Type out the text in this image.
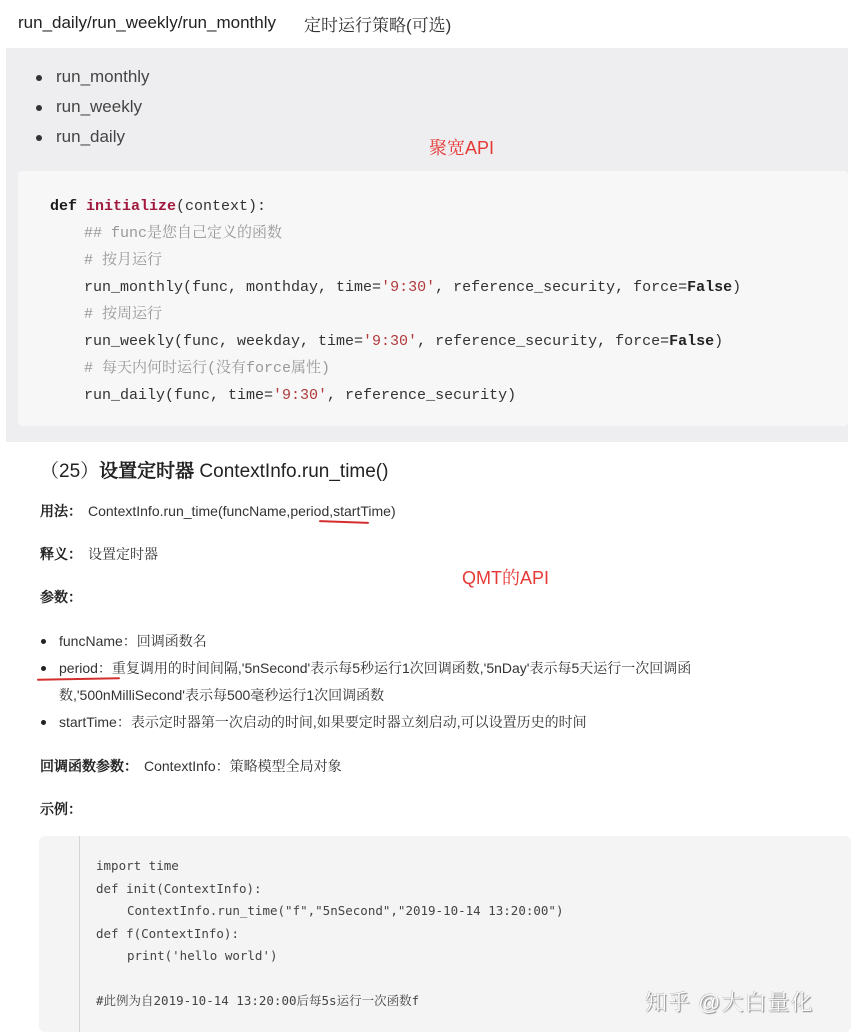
run_daily/run_weekly/run_monthly 定时运行策略(可选)
run_monthly
run_weekly
run_daily
聚宽API
def initialize(context):
## func是您自己定义的函数
# 按月运行
run_monthly(func, monthday, time='9:30', reference_security, force=False)
# 按周运行
run_weekly(func, weekday, time='9:30', reference_security, force=False)
# 每天内何时运行(没有force属性)
run_daily(func, time='9:30', reference_security)
（25）设置定时器 ContextInfo.run_time()
用法： ContextInfo.run_time(funcName,period,startTime)
释义： 设置定时器
QMT的API
参数：
funcName：回调函数名
period：重复调用的时间间隔,'5nSecond'表示每5秒运行1次回调函数,'5nDay'表示每5天运行一次回调函数,'500nMilliSecond'表示每500毫秒运行1次回调函数
startTime：表示定时器第一次启动的时间,如果要定时器立刻启动,可以设置历史的时间
回调函数参数： ContextInfo：策略模型全局对象
示例：
import time
def init(ContextInfo):
ContextInfo.run_time("f","5nSecond","2019-10-14 13:20:00")
def f(ContextInfo):
print('hello world')
#此例为自2019-10-14 13:20:00后每5s运行一次函数f	知乎 @大白量化
